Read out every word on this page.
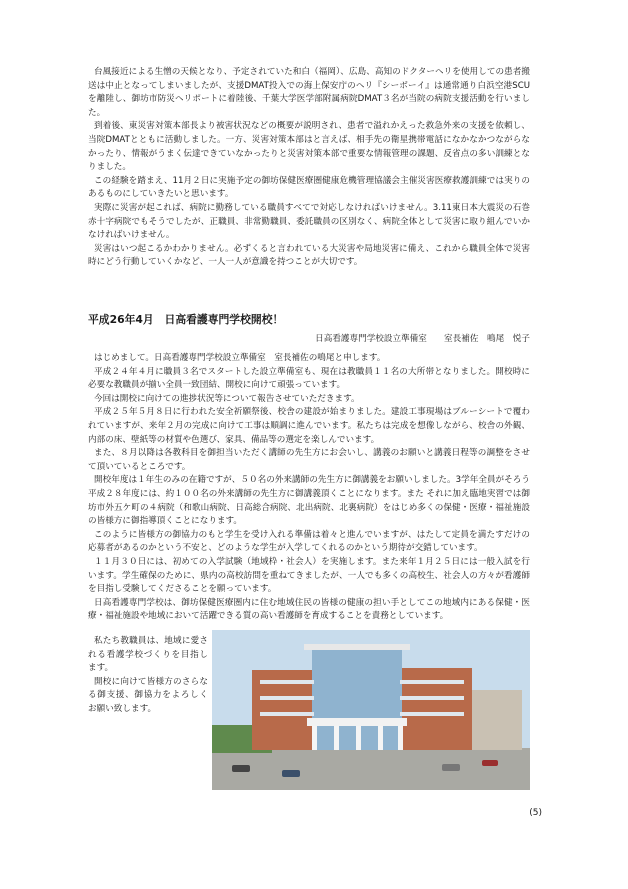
台風接近による生憎の天候となり、予定されていた和白（福岡）、広島、高知のドクターヘリを使用しての患者搬送は中止となってしまいましたが、支援DMAT投入での海上保安庁のヘリ『シーボーイ』は通常通り白浜空港SCUを離陸し、御坊市防災ヘリポートに着陸後、千葉大学医学部附属病院DMAT３名が当院の病院支援活動を行いました。

到着後、東災害対策本部長より被害状況などの概要が説明され、患者で溢れかえった救急外来の支援を依頼し、当院DMATとともに活動しました。一方、災害対策本部はと言えば、相手先の衛星携帯電話になかなかつながらなかったり、情報がうまく伝達できていなかったりと災害対策本部で重要な情報管理の課題、反省点の多い訓練となりました。

この経験を踏まえ、11月２日に実施予定の御坊保健医療圏健康危機管理協議会主催災害医療救護訓練では実りのあるものにしていきたいと思います。

実際に災害が起これば、病院に勤務している職員すべてで対応しなければいけません。3.11東日本大震災の石巻赤十字病院でもそうでしたが、正職員、非常勤職員、委託職員の区別なく、病院全体として災害に取り組んでいかなければいけません。

災害はいつ起こるかわかりません。必ずくると言われている大災害や局地災害に備え、これから職員全体で災害時にどう行動していくかなど、一人一人が意識を持つことが大切です。

平成26年4月　日高看護専門学校開校！

日高看護専門学校設立準備室　　室長補佐　鳴尾　悦子

はじめまして。日高看護専門学校設立準備室　室長補佐の鳴尾と申します。

平成２４年４月に職員３名でスタートした設立準備室も、現在は教職員１１名の大所帯となりました。開校時に必要な教職員が揃い全員一致団結、開校に向けて頑張っています。

今回は開校に向けての進捗状況等について報告させていただきます。

平成２５年５月８日に行われた安全祈願祭後、校舎の建設が始まりました。建設工事現場はブルーシートで覆われていますが、来年２月の完成に向けて工事は順調に進んでいます。私たちは完成を想像しながら、校舎の外観、内部の床、壁紙等の材質や色選び、家具、備品等の選定を楽しんでいます。

また、８月以降は各教科目を御担当いただく講師の先生方にお会いし、講義のお願いと講義日程等の調整をさせて頂いているところです。

開校年度は１年生のみの在籍ですが、５０名の外来講師の先生方に御講義をお願いしました。3学年全員がそろう平成２８年度には、約１００名の外来講師の先生方に御講義頂くことになります。また それに加え臨地実習では御坊市外五ケ町の４病院（和歌山病院、日高総合病院、北出病院、北裏病院）をはじめ多くの保健・医療・福祉施設の皆様方に御指導頂くことになります。

このように皆様方の御協力のもと学生を受け入れる準備は着々と進んでいますが、はたして定員を満たすだけの応募者があるのかという不安と、どのような学生が入学してくれるのかという期待が交錯しています。

１１月３０日には、初めての入学試験（地域枠・社会人）を実施します。また来年１月２５日には一般入試を行います。学生確保のために、県内の高校訪問を重ねてきましたが、一人でも多くの高校生、社会人の方々が看護師を目指し受験してくださることを願っています。

日高看護専門学校は、御坊保健医療圏内に住む地域住民の皆様の健康の担い手としてこの地域内にある保健・医療・福祉施設や地域において活躍できる質の高い看護師を育成することを責務としています。

私たち教職員は、地域に愛される看護学校づくりを目指します。

開校に向けて皆様方のさらなる御支援、御協力をよろしくお願い致します。

(5)
